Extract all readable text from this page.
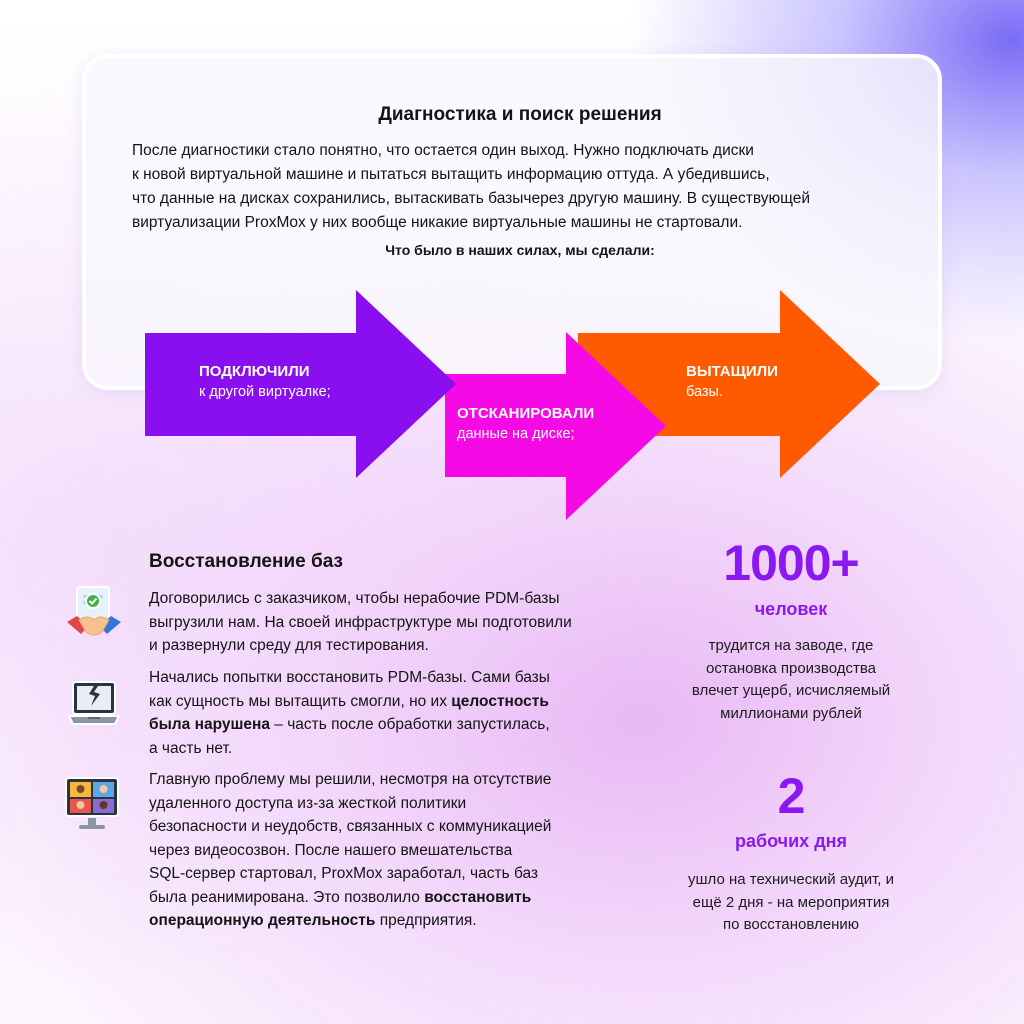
Диагностика и поиск решения

После диагностики стало понятно, что остается один выход. Нужно подключать диски
к новой виртуальной машине и пытаться вытащить информацию оттуда. А убедившись,
что данные на дисках сохранились, вытаскивать базычерез другую машину. В существующей
виртуализации ProxMox у них вообще никакие виртуальные машины не стартовали.

Что было в наших силах, мы сделали:

ПОДКЛЮЧИЛИ
к другой виртуалке;
ОТСКАНИРОВАЛИ
данные на диске;
ВЫТАЩИЛИ
базы.
Восстановление баз

Договорились с заказчиком, чтобы нерабочие PDM-базы
выгрузили нам. На своей инфраструктуре мы подготовили
и развернули среду для тестирования.

Начались попытки восстановить PDM-базы. Сами базы
как сущность мы вытащить смогли, но их целостность
была нарушена – часть после обработки запустилась,
а часть нет.

Главную проблему мы решили, несмотря на отсутствие
удаленного доступа из-за жесткой политики
безопасности и неудобств, связанных с коммуникацией
через видеосозвон. После нашего вмешательства
SQL-сервер стартовал, ProxMox заработал, часть баз
была реанимирована. Это позволило восстановить
операционную деятельность предприятия.

1000+
человек
трудится на заводе, где
остановка производства
влечет ущерб, исчисляемый
миллионами рублей
2
рабочих дня
ушло на технический аудит, и
ещё 2 дня - на мероприятия
по восстановлению
